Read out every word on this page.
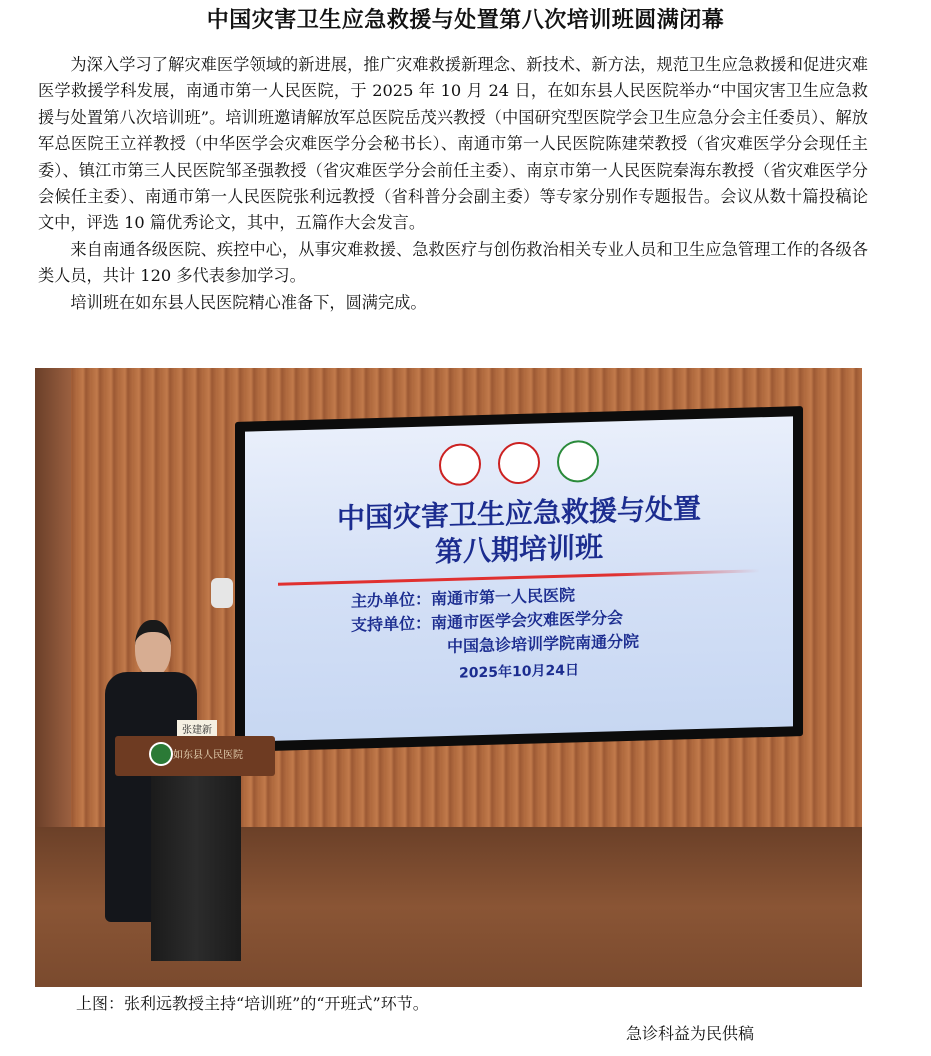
中国灾害卫生应急救援与处置第八次培训班圆满闭幕

为深入学习了解灾难医学领域的新进展，推广灾难救援新理念、新技术、新方法，规范卫生应急救援和促进灾难医学救援学科发展，南通市第一人民医院，于 2025 年 10 月 24 日，在如东县人民医院举办“中国灾害卫生应急救援与处置第八次培训班”。培训班邀请解放军总医院岳茂兴教授（中国研究型医院学会卫生应急分会主任委员）、解放军总医院王立祥教授（中华医学会灾难医学分会秘书长）、南通市第一人民医院陈建荣教授（省灾难医学分会现任主委）、镇江市第三人民医院邹圣强教授（省灾难医学分会前任主委）、南京市第一人民医院秦海东教授（省灾难医学分会候任主委）、南通市第一人民医院张利远教授（省科普分会副主委）等专家分别作专题报告。会议从数十篇投稿论文中，评选 10 篇优秀论文，其中，五篇作大会发言。

来自南通各级医院、疾控中心，从事灾难救援、急救医疗与创伤救治相关专业人员和卫生应急管理工作的各级各类人员，共计 120 多代表参加学习。

培训班在如东县人民医院精心准备下，圆满完成。

中国灾害卫生应急救援与处置
第八期培训班
主办单位：南通市第一人民医院
支持单位：南通市医学会灾难医学分会
中国急诊培训学院南通分院
2025年10月24日
张建新
如东县人民医院
上图：张利远教授主持“培训班”的“开班式”环节。
急诊科益为民供稿
